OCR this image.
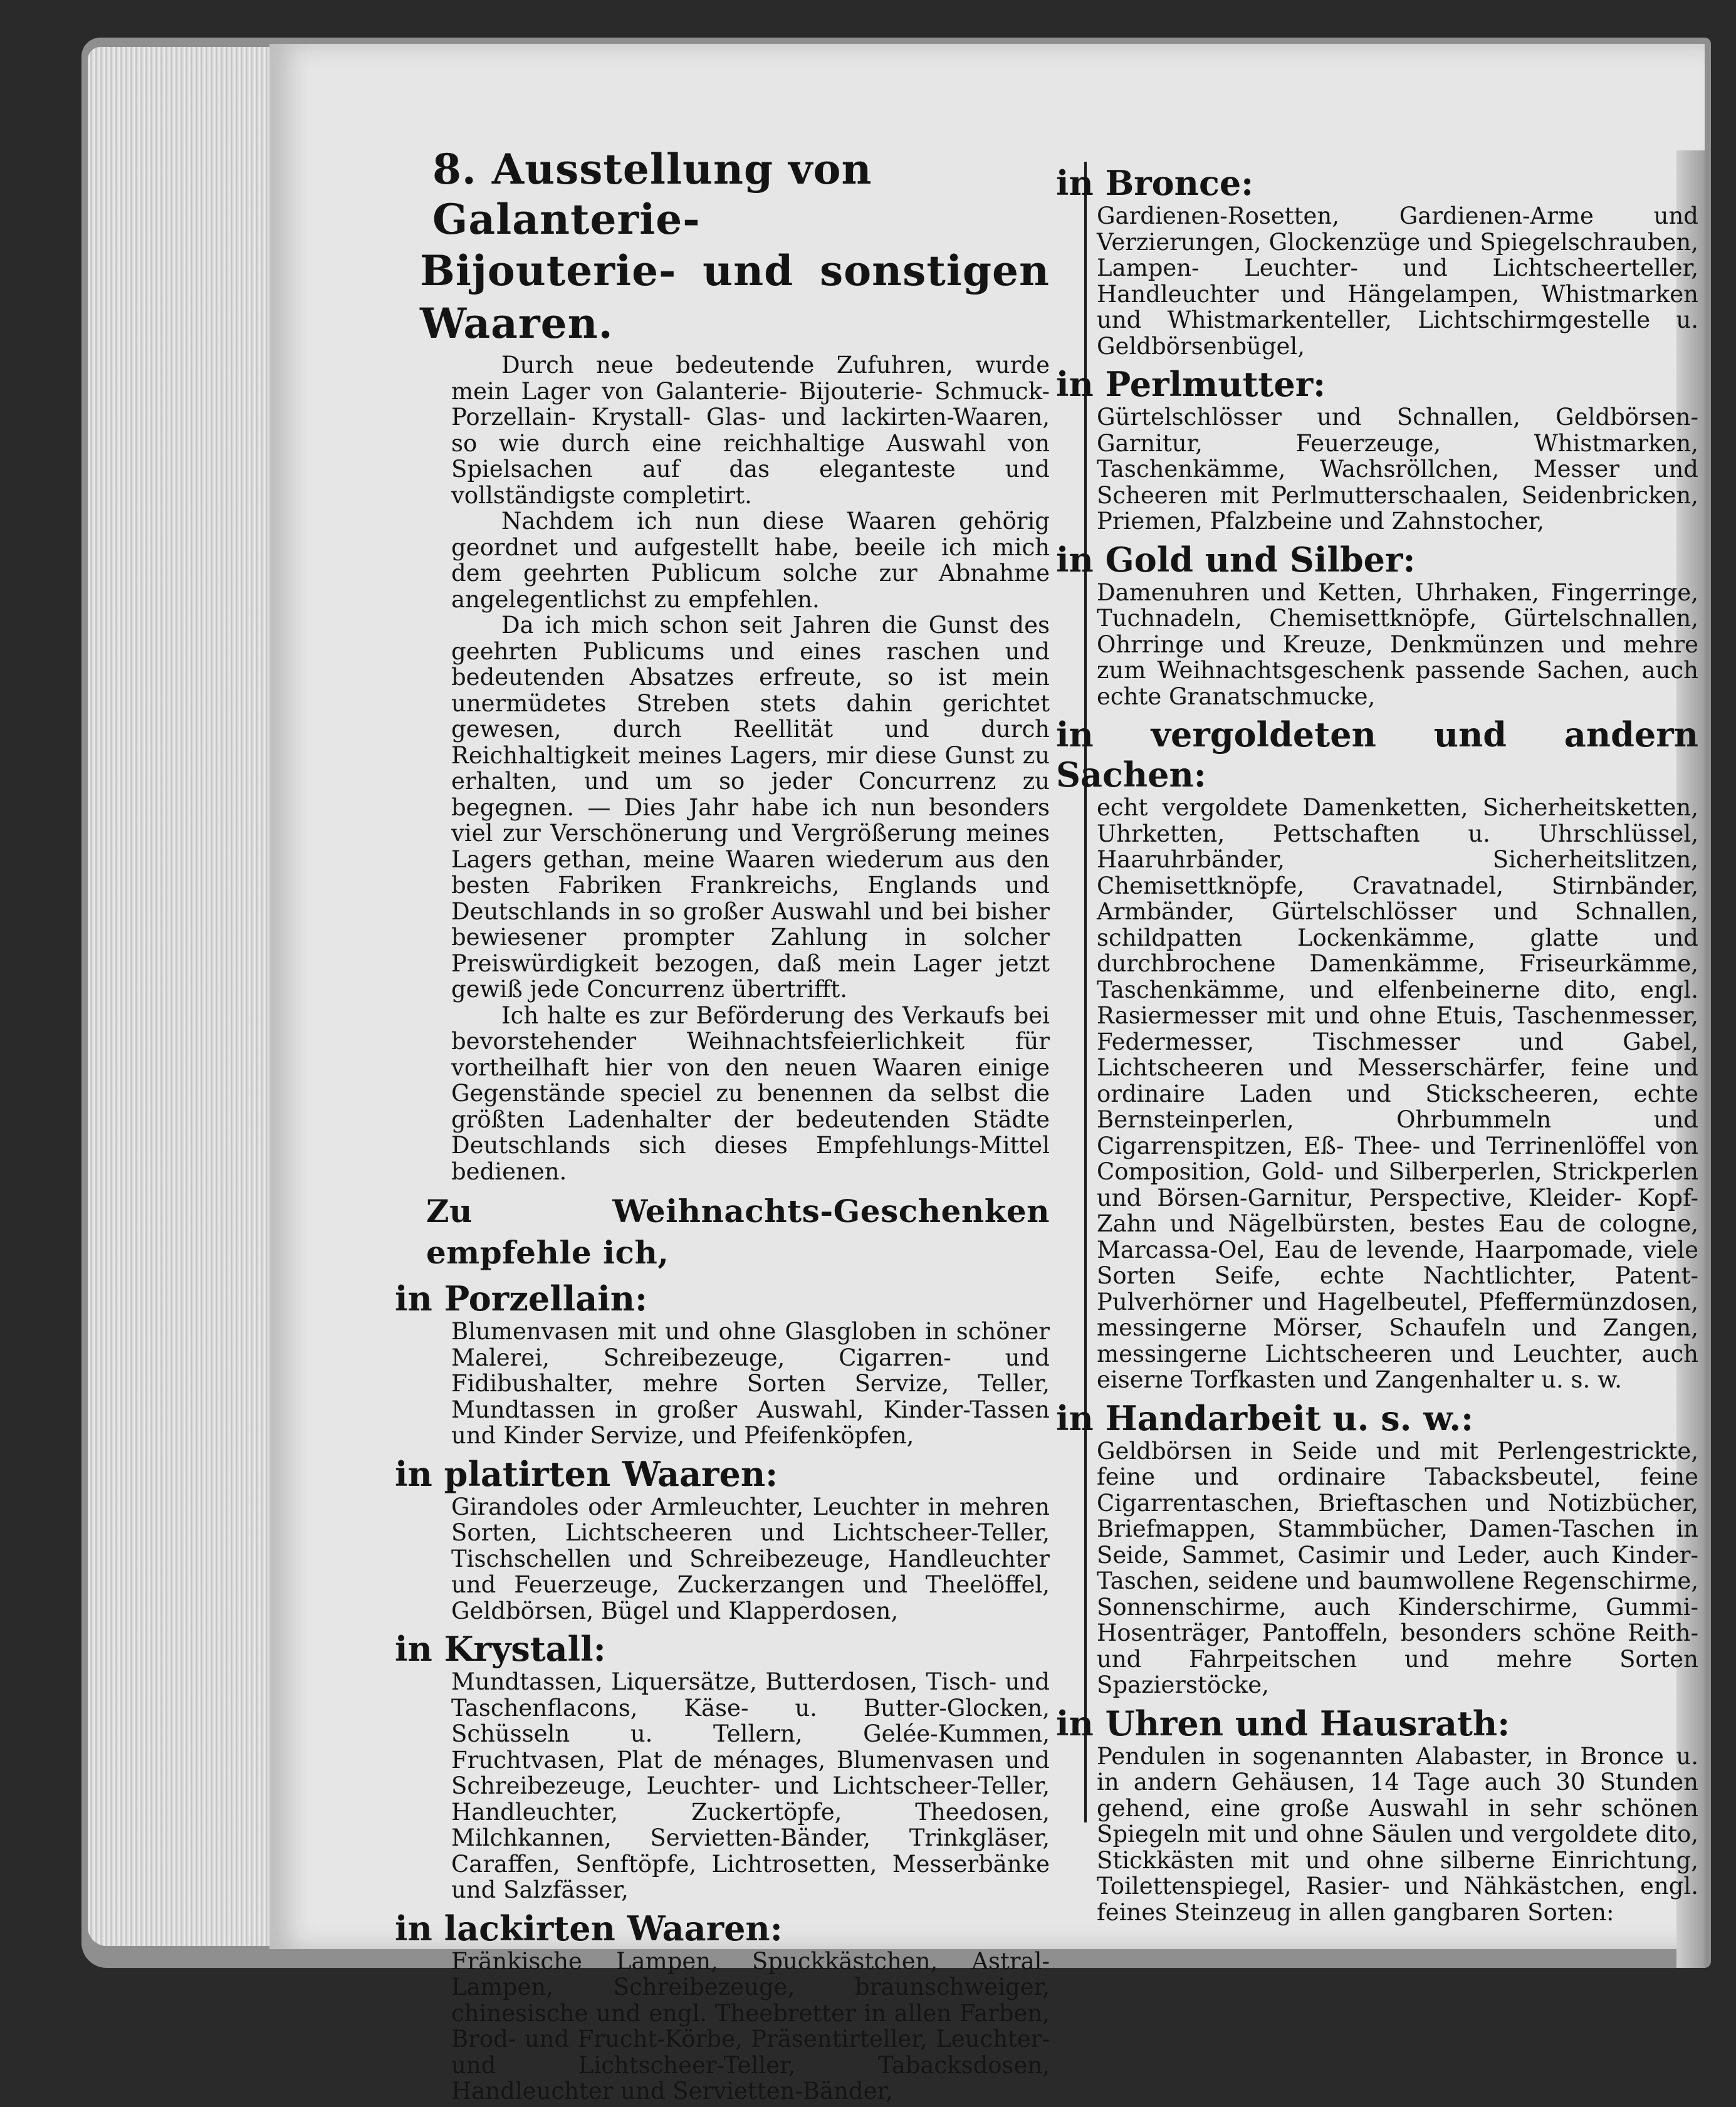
8. Ausstellung von Galanterie-
Bijouterie- und sonstigen Waaren.

Durch neue bedeutende Zufuhren, wurde mein Lager von Galanterie- Bijouterie- Schmuck- Porzellain- Krystall- Glas- und lackirten-Waaren, so wie durch eine reichhaltige Auswahl von Spielsachen auf das eleganteste und vollständigste completirt.

Nachdem ich nun diese Waaren gehörig geordnet und aufgestellt habe, beeile ich mich dem geehrten Publicum solche zur Abnahme angelegentlichst zu empfehlen.

Da ich mich schon seit Jahren die Gunst des geehrten Publicums und eines raschen und bedeutenden Absatzes erfreute, so ist mein unermüdetes Streben stets dahin gerichtet gewesen, durch Reellität und durch Reichhaltigkeit meines Lagers, mir diese Gunst zu erhalten, und um so jeder Concurrenz zu begegnen. — Dies Jahr habe ich nun besonders viel zur Verschönerung und Vergrößerung meines Lagers gethan, meine Waaren wiederum aus den besten Fabriken Frankreichs, Englands und Deutschlands in so großer Auswahl und bei bisher bewiesener prompter Zahlung in solcher Preiswürdigkeit bezogen, daß mein Lager jetzt gewiß jede Concurrenz übertrifft.

Ich halte es zur Beförderung des Verkaufs bei bevorstehender Weihnachtsfeierlichkeit für vortheilhaft hier von den neuen Waaren einige Gegenstände speciel zu benennen da selbst die größten Ladenhalter der bedeutenden Städte Deutschlands sich dieses Empfehlungs-Mittel bedienen.

Zu Weihnachts-Geschenken empfehle ich,
in Porzellain:
Blumenvasen mit und ohne Glasgloben in schöner Malerei, Schreibezeuge, Cigarren- und Fidibushalter, mehre Sorten Servize, Teller, Mundtassen in großer Auswahl, Kinder-Tassen und Kinder Servize, und Pfeifenköpfen,
in platirten Waaren:
Girandoles oder Armleuchter, Leuchter in mehren Sorten, Lichtscheeren und Lichtscheer-Teller, Tischschellen und Schreibezeuge, Handleuchter und Feuerzeuge, Zuckerzangen und Theelöffel, Geldbörsen, Bügel und Klapperdosen,
in Krystall:
Mundtassen, Liquersätze, Butterdosen, Tisch- und Taschenflacons, Käse- u. Butter-Glocken, Schüsseln u. Tellern, Gelée-Kummen, Fruchtvasen, Plat de ménages, Blumenvasen und Schreibezeuge, Leuchter- und Lichtscheer-Teller, Handleuchter, Zuckertöpfe, Theedosen, Milchkannen, Servietten-Bänder, Trinkgläser, Caraffen, Senftöpfe, Lichtrosetten, Messerbänke und Salzfässer,
in lackirten Waaren:
Fränkische Lampen, Spuckkästchen, Astral-Lampen, Schreibezeuge, braunschweiger, chinesische und engl. Theebretter in allen Farben, Brod- und Frucht-Körbe, Präsentirteller, Leuchter- und Lichtscheer-Teller, Tabacksdosen, Handleuchter und Servietten-Bänder,
in Bronce:
Gardienen-Rosetten, Gardienen-Arme und Verzierungen, Glockenzüge und Spiegelschrauben, Lampen- Leuchter- und Lichtscheerteller, Handleuchter und Hängelampen, Whistmarken und Whistmarkenteller, Lichtschirmgestelle u. Geldbörsenbügel,
in Perlmutter:
Gürtelschlösser und Schnallen, Geldbörsen-Garnitur, Feuerzeuge, Whistmarken, Taschenkämme, Wachsröllchen, Messer und Scheeren mit Perlmutterschaalen, Seidenbricken, Priemen, Pfalzbeine und Zahnstocher,
in Gold und Silber:
Damenuhren und Ketten, Uhrhaken, Fingerringe, Tuchnadeln, Chemisettknöpfe, Gürtelschnallen, Ohrringe und Kreuze, Denkmünzen und mehre zum Weihnachtsgeschenk passende Sachen, auch echte Granatschmucke,
in vergoldeten und andern Sachen:
echt vergoldete Damenketten, Sicherheitsketten, Uhrketten, Pettschaften u. Uhrschlüssel, Haaruhrbänder, Sicherheitslitzen, Chemisettknöpfe, Cravatnadel, Stirnbänder, Armbänder, Gürtelschlösser und Schnallen, schildpatten Lockenkämme, glatte und durchbrochene Damenkämme, Friseurkämme, Taschenkämme, und elfenbeinerne dito, engl. Rasiermesser mit und ohne Etuis, Taschenmesser, Federmesser, Tischmesser und Gabel, Lichtscheeren und Messerschärfer, feine und ordinaire Laden und Stickscheeren, echte Bernsteinperlen, Ohrbummeln und Cigarrenspitzen, Eß- Thee- und Terrinenlöffel von Composition, Gold- und Silberperlen, Strickperlen und Börsen-Garnitur, Perspective, Kleider- Kopf- Zahn und Nägelbürsten, bestes Eau de cologne, Marcassa-Oel, Eau de levende, Haarpomade, viele Sorten Seife, echte Nachtlichter, Patent-Pulverhörner und Hagelbeutel, Pfeffermünzdosen, messingerne Mörser, Schaufeln und Zangen, messingerne Lichtscheeren und Leuchter, auch eiserne Torfkasten und Zangenhalter u. s. w.
in Handarbeit u. s. w.:
Geldbörsen in Seide und mit Perlengestrickte, feine und ordinaire Tabacksbeutel, feine Cigarrentaschen, Brieftaschen und Notizbücher, Briefmappen, Stammbücher, Damen-Taschen in Seide, Sammet, Casimir und Leder, auch Kinder-Taschen, seidene und baumwollene Regenschirme, Sonnenschirme, auch Kinderschirme, Gummi-Hosenträger, Pantoffeln, besonders schöne Reith- und Fahrpeitschen und mehre Sorten Spazierstöcke,
in Uhren und Hausrath:
Pendulen in sogenannten Alabaster, in Bronce u. in andern Gehäusen, 14 Tage auch 30 Stunden gehend, eine große Auswahl in sehr schönen Spiegeln mit und ohne Säulen und vergoldete dito, Stickkästen mit und ohne silberne Einrichtung, Toilettenspiegel, Rasier- und Nähkästchen, engl. feines Steinzeug in allen gangbaren Sorten:
